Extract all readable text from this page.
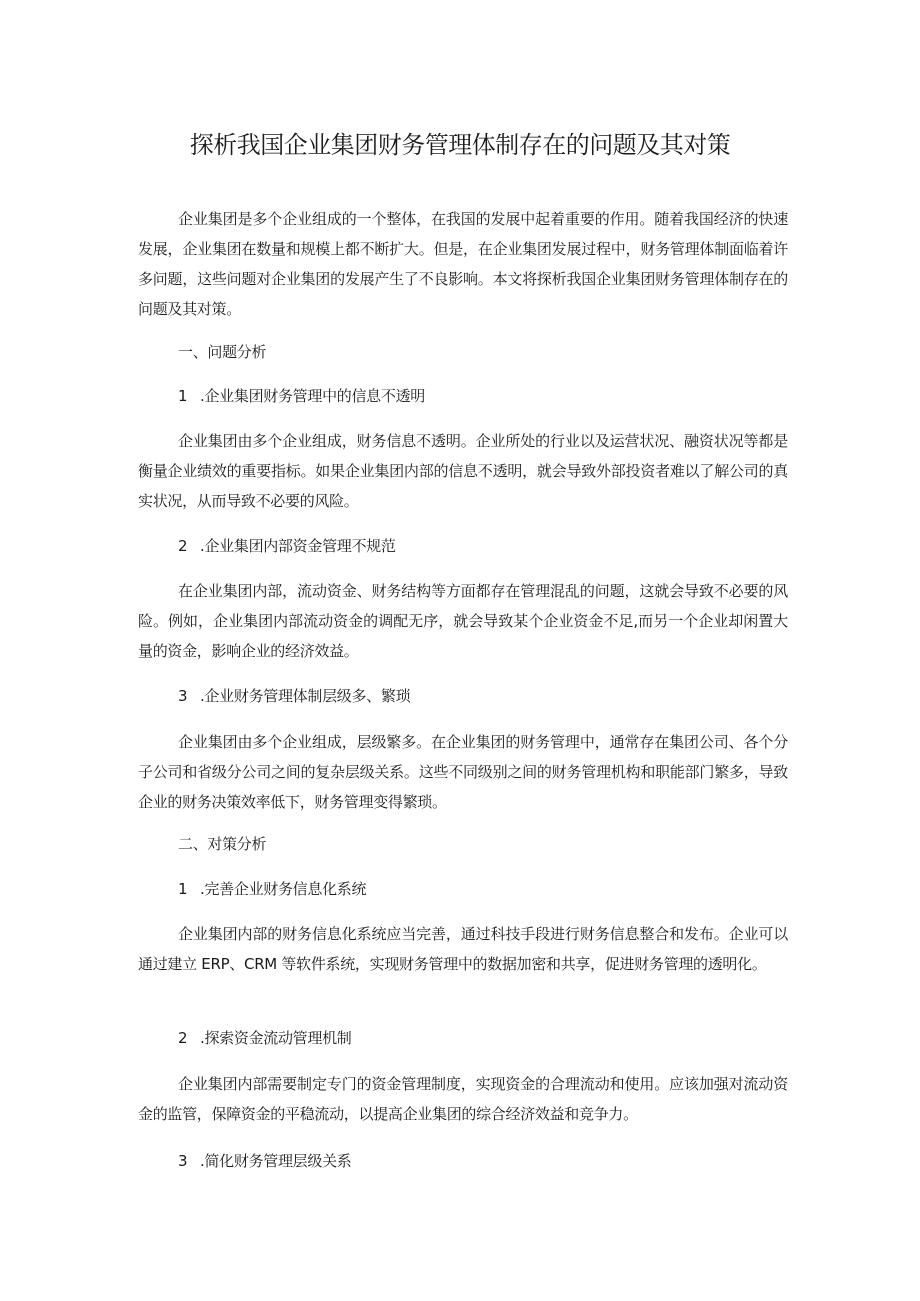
探析我国企业集团财务管理体制存在的问题及其对策

企业集团是多个企业组成的一个整体，在我国的发展中起着重要的作用。随着我国经济的快速发展，企业集团在数量和规模上都不断扩大。但是，在企业集团发展过程中，财务管理体制面临着许多问题，这些问题对企业集团的发展产生了不良影响。本文将探析我国企业集团财务管理体制存在的问题及其对策。

一、问题分析

1 .企业集团财务管理中的信息不透明

企业集团由多个企业组成，财务信息不透明。企业所处的行业以及运营状况、融资状况等都是衡量企业绩效的重要指标。如果企业集团内部的信息不透明，就会导致外部投资者难以了解公司的真实状况，从而导致不必要的风险。

2 .企业集团内部资金管理不规范

在企业集团内部，流动资金、财务结构等方面都存在管理混乱的问题，这就会导致不必要的风险。例如，企业集团内部流动资金的调配无序，就会导致某个企业资金不足,而另一个企业却闲置大量的资金，影响企业的经济效益。

3 .企业财务管理体制层级多、繁琐

企业集团由多个企业组成，层级繁多。在企业集团的财务管理中，通常存在集团公司、各个分子公司和省级分公司之间的复杂层级关系。这些不同级别之间的财务管理机构和职能部门繁多，导致企业的财务决策效率低下，财务管理变得繁琐。

二、对策分析

1 .完善企业财务信息化系统

企业集团内部的财务信息化系统应当完善，通过科技手段进行财务信息整合和发布。企业可以通过建立 ERP、CRM 等软件系统，实现财务管理中的数据加密和共享，促进财务管理的透明化。

2 .探索资金流动管理机制

企业集团内部需要制定专门的资金管理制度，实现资金的合理流动和使用。应该加强对流动资金的监管，保障资金的平稳流动，以提高企业集团的综合经济效益和竞争力。

3 .简化财务管理层级关系
